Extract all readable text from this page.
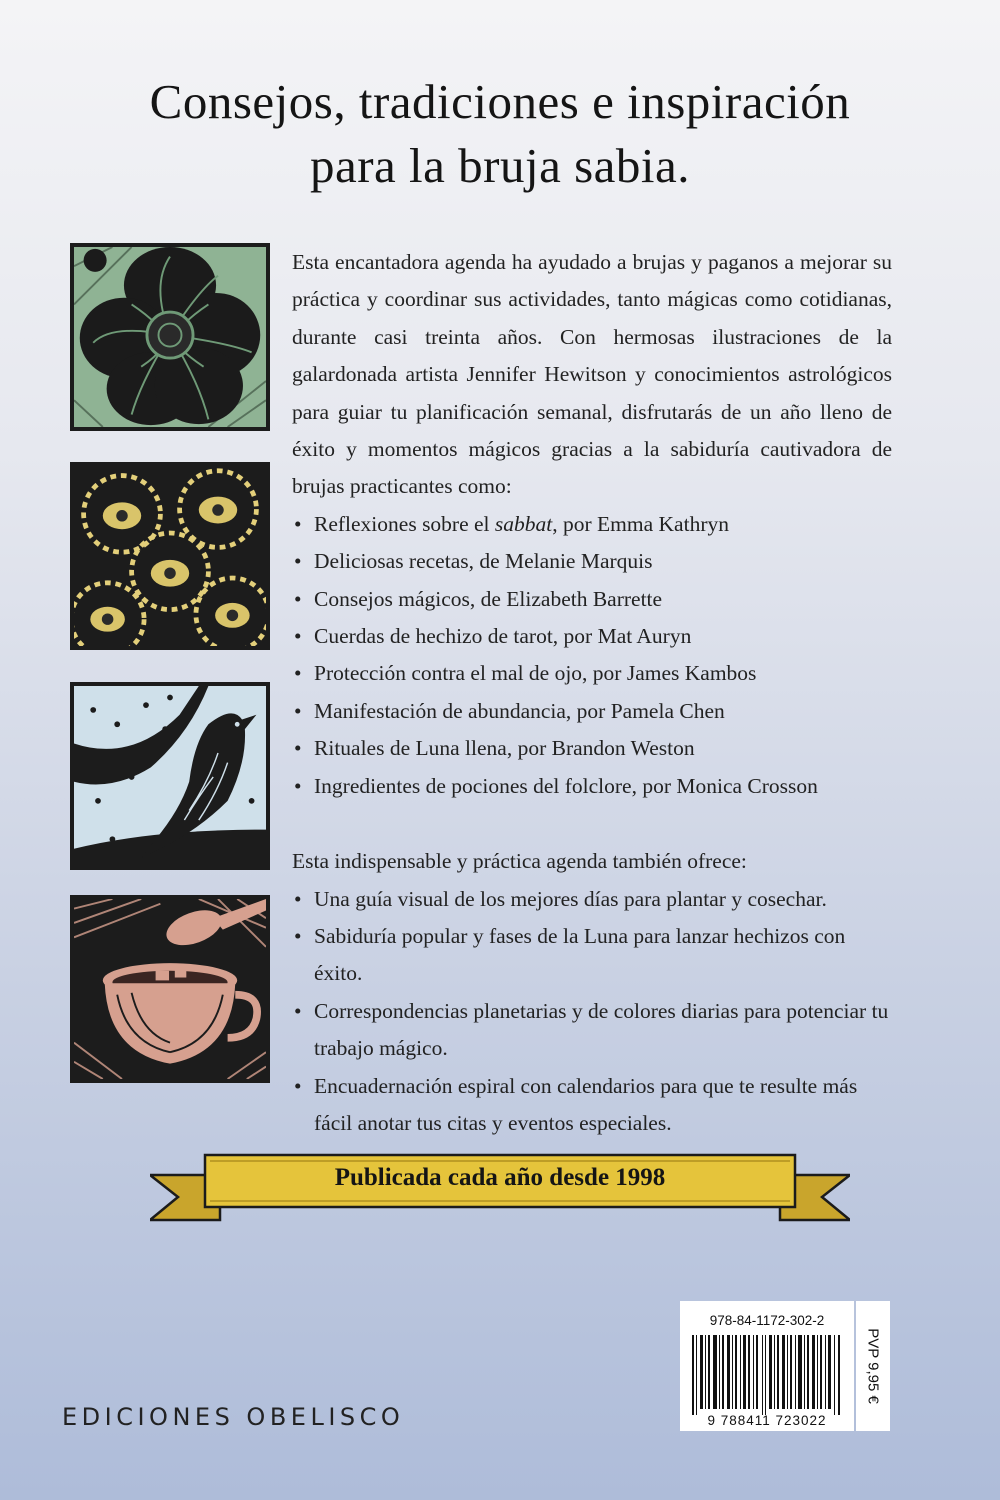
Consejos, tradiciones e inspiración
para la bruja sabia.
Esta encantadora agenda ha ayudado a brujas y paganos a mejorar su práctica y coordinar sus actividades, tanto mágicas como cotidianas, durante casi treinta años. Con hermosas ilustraciones de la galardonada artista Jennifer Hewitson y conocimientos astrológicos para guiar tu planificación semanal, disfrutarás de un año lleno de éxito y momentos mágicos gracias a la sabiduría cautivadora de brujas practicantes como:
• Reflexiones sobre el sabbat, por Emma Kathryn
• Deliciosas recetas, de Melanie Marquis
• Consejos mágicos, de Elizabeth Barrette
• Cuerdas de hechizo de tarot, por Mat Auryn
• Protección contra el mal de ojo, por James Kambos
• Manifestación de abundancia, por Pamela Chen
• Rituales de Luna llena, por Brandon Weston
• Ingredientes de pociones del folclore, por Monica Crosson
Esta indispensable y práctica agenda también ofrece:
• Una guía visual de los mejores días para plantar y cosechar.
• Sabiduría popular y fases de la Luna para lanzar hechizos con éxito.
• Correspondencias planetarias y de colores diarias para potenciar tu trabajo mágico.
• Encuadernación espiral con calendarios para que te resulte más fácil anotar tus citas y eventos especiales.
Publicada cada año desde 1998
EDICIONES OBELISCO
978-84-1172-302-2
9 788411 723022
PVP 9,95 €
